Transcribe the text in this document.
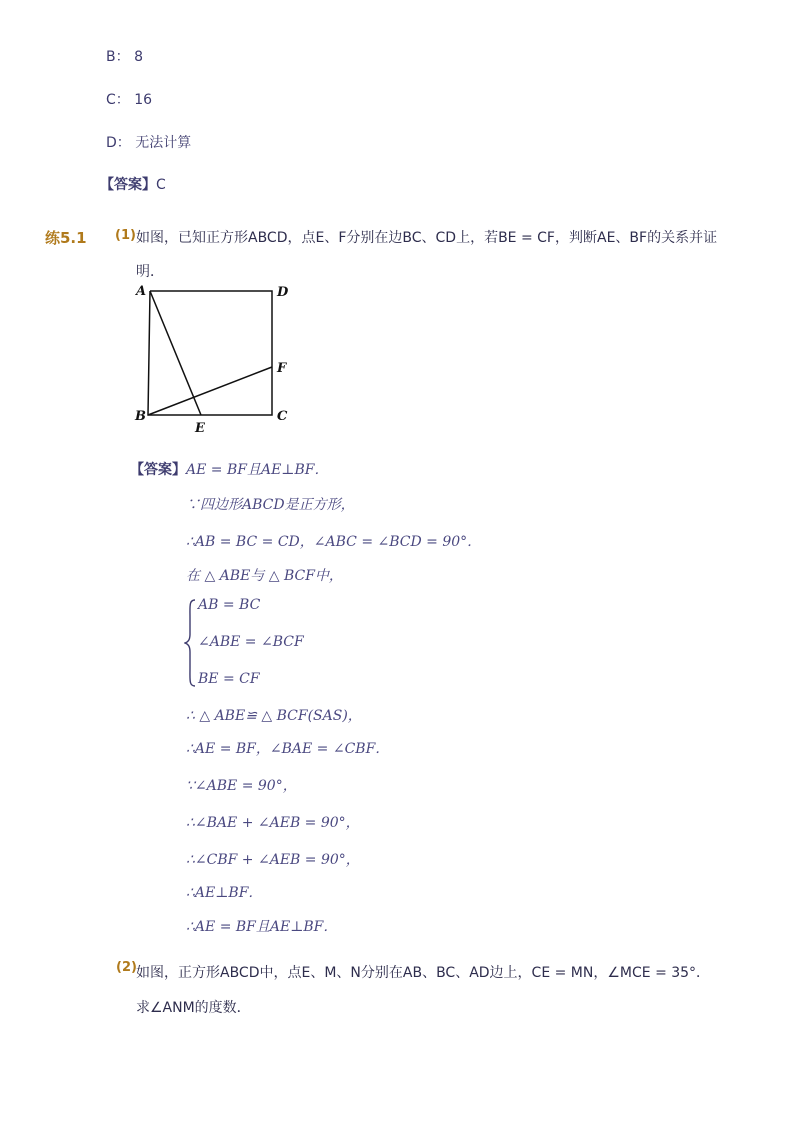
B： 8
C： 16
D： 无法计算
【答案】C
练5.1 (1) 如图，已知正方形ABCD，点E、F分别在边BC、CD上，若BE = CF，判断AE、BF的关系并证
明．
A	D
F
B	C
E
【答案】AE = BF且AE⊥BF．
∵四边形ABCD是正方形，
∴AB = BC = CD，∠ABC = ∠BCD = 90°．
在 △ ABE与 △ BCF中，
AB = BC
∠ABE = ∠BCF
BE = CF
∴ △ ABE≌ △ BCF(SAS)，
∴AE = BF，∠BAE = ∠CBF．
∵∠ABE = 90°，
∴∠BAE + ∠AEB = 90°，
∴∠CBF + ∠AEB = 90°，
∴AE⊥BF．
∴AE = BF且AE⊥BF．
(2) 如图，正方形ABCD中，点E、M、N分别在AB、BC、AD边上，CE = MN，∠MCE = 35°．
求∠ANM的度数．
